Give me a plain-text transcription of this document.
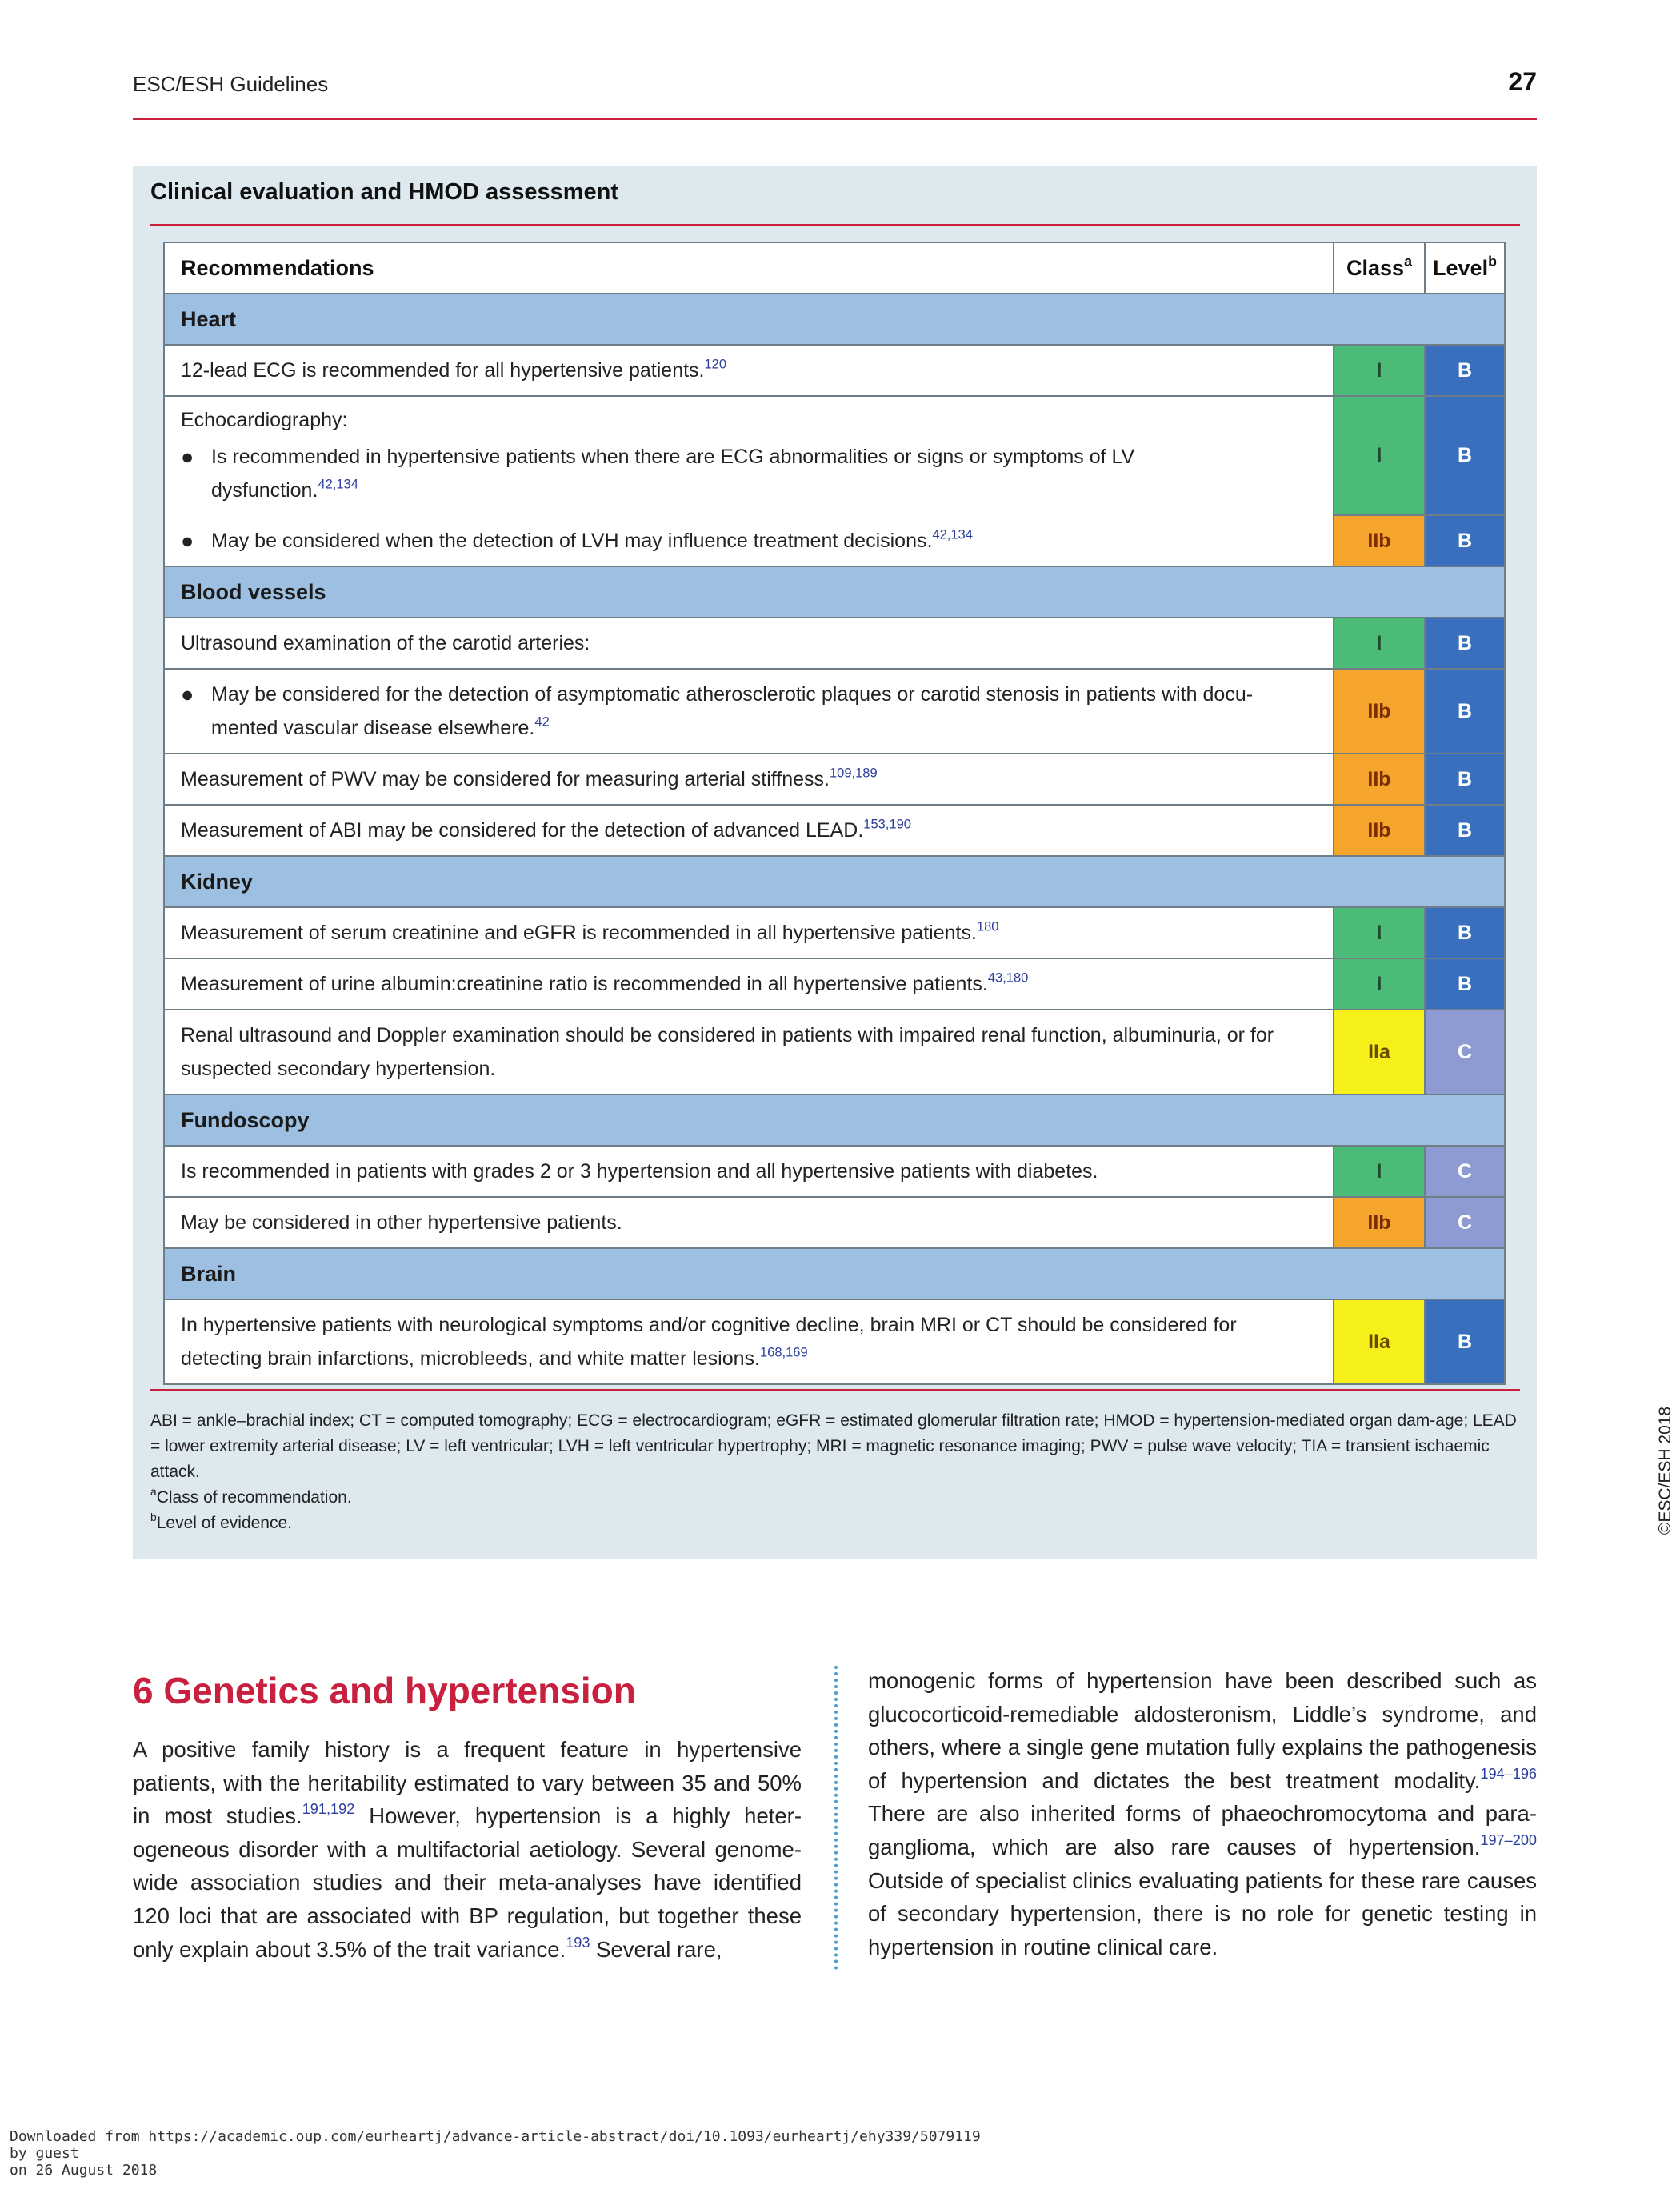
ESC/ESH Guidelines	27
Clinical evaluation and HMOD assessment
Recommendations	Class$^a$	Level$^b$
Heart		
12-lead ECG is recommended for all hypertensive patients.$^{120}$	I	B

Echocardiography:
● Is recommended in hypertensive patients when there are ECG abnormalities or signs or symptoms of LV
dysfunction.$^{42,134}$	I	B

● May be considered when the detection of LVH may influence treatment decisions.$^{42,134}$	IIb	B
Blood vessels		
Ultrasound examination of the carotid arteries:	I	B

● May be considered for the detection of asymptomatic atherosclerotic plaques or carotid stenosis in patients with docu-
mented vascular disease elsewhere.$^{42}$	IIb	B
Measurement of PWV may be considered for measuring arterial stiffness.$^{109,189}$	IIb	B
Measurement of ABI may be considered for the detection of advanced LEAD.$^{153,190}$	IIb	B
Kidney		
Measurement of serum creatinine and eGFR is recommended in all hypertensive patients.$^{180}$	I	B
Measurement of urine albumin:creatinine ratio is recommended in all hypertensive patients.$^{43,180}$	I	B
Renal ultrasound and Doppler examination should be considered in patients with impaired renal function, albuminuria, or for
suspected secondary hypertension.	IIa	C
Fundoscopy		
Is recommended in patients with grades 2 or 3 hypertension and all hypertensive patients with diabetes.	I	C
May be considered in other hypertensive patients.	IIb	C
Brain		
In hypertensive patients with neurological symptoms and/or cognitive decline, brain MRI or CT should be considered for
detecting brain infarctions, microbleeds, and white matter lesions.$^{168,169}$	IIa	B
ABI = ankle–brachial index; CT = computed tomography; ECG = electrocardiogram; eGFR = estimated glomerular filtration rate; HMOD = hypertension-mediated organ dam-age; LEAD = lower extremity arterial disease; LV = left ventricular; LVH = left ventricular hypertrophy; MRI = magnetic resonance imaging; PWV = pulse wave velocity; TIA = transient ischaemic attack.
$^a$Class of recommendation.
$^b$Level of evidence.	©ESC/ESH 2018
6 Genetics and hypertension
A positive family history is a frequent feature in hypertensive patients, with the heritability estimated to vary between 35 and 50% in most studies.$^{191,192}$ However, hypertension is a highly heter-ogeneous disorder with a multifactorial aetiology. Several genome-wide association studies and their meta-analyses have identified 120 loci that are associated with BP regulation, but together these only explain about 3.5% of the trait variance.$^{193}$ Several rare,
monogenic forms of hypertension have been described such as glucocorticoid-remediable aldosteronism, Liddle’s syndrome, and others, where a single gene mutation fully explains the pathogenesis of hypertension and dictates the best treatment modality.$^{194-196}$ There are also inherited forms of phaeochromocytoma and para-ganglioma, which are also rare causes of hypertension.$^{197-200}$ Outside of specialist clinics evaluating patients for these rare causes of secondary hypertension, there is no role for genetic testing in hypertension in routine clinical care.
Downloaded from https://academic.oup.com/eurheartj/advance-article-abstract/doi/10.1093/eurheartj/ehy339/5079119
by guest
on 26 August 2018
